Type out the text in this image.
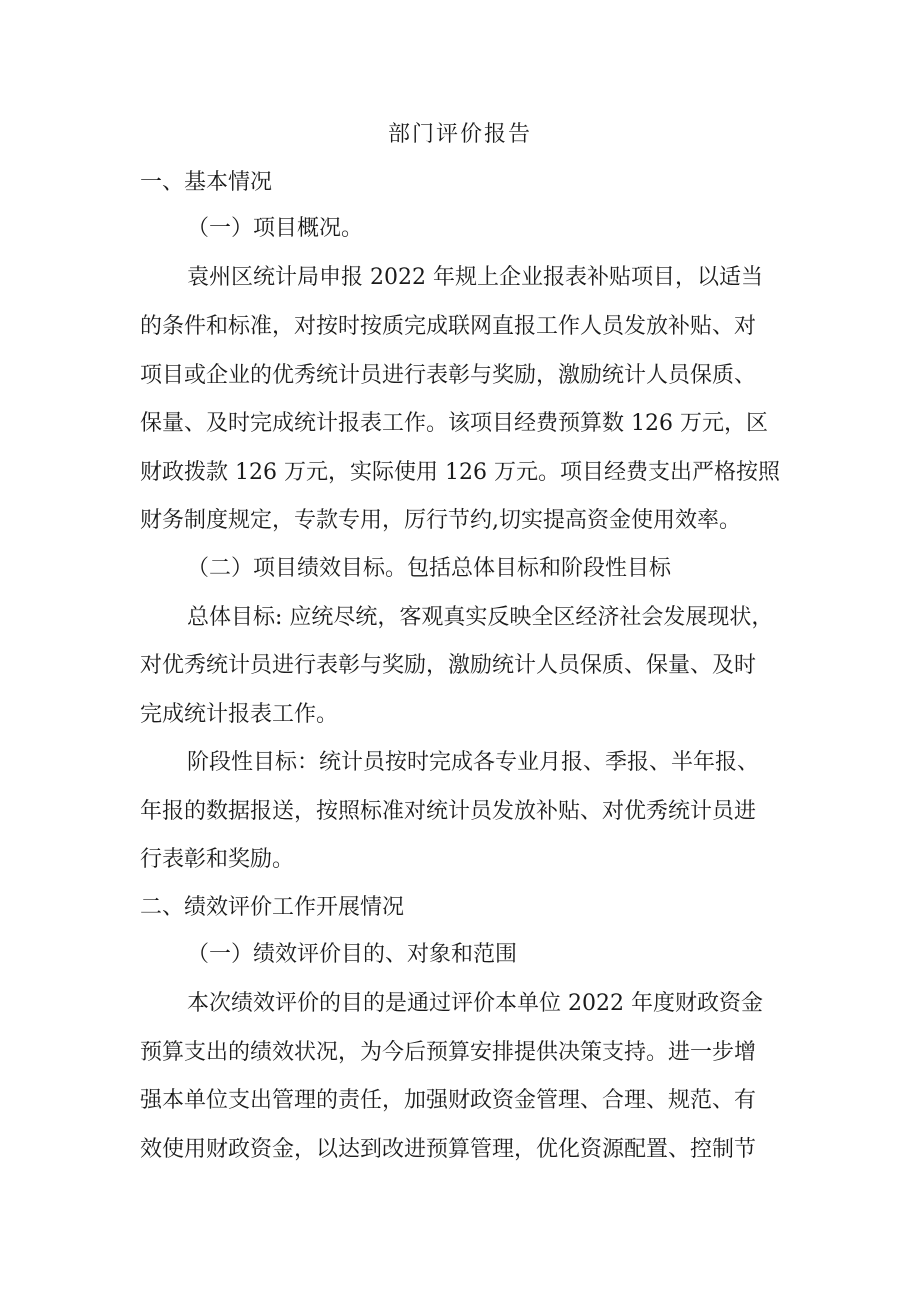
部门评价报告
一、基本情况
（一）项目概况。
袁州区统计局申报 2022 年规上企业报表补贴项目，以适当
的条件和标准，对按时按质完成联网直报工作人员发放补贴、对
项目或企业的优秀统计员进行表彰与奖励，激励统计人员保质、
保量、及时完成统计报表工作。该项目经费预算数 126 万元，区
财政拨款 126 万元，实际使用 126 万元。项目经费支出严格按照
财务制度规定，专款专用，厉行节约,切实提高资金使用效率。
（二）项目绩效目标。包括总体目标和阶段性目标
总体目标: 应统尽统，客观真实反映全区经济社会发展现状，
对优秀统计员进行表彰与奖励，激励统计人员保质、保量、及时
完成统计报表工作。
阶段性目标：统计员按时完成各专业月报、季报、半年报、
年报的数据报送，按照标准对统计员发放补贴、对优秀统计员进
行表彰和奖励。
二、绩效评价工作开展情况
（一）绩效评价目的、对象和范围
本次绩效评价的目的是通过评价本单位 2022 年度财政资金
预算支出的绩效状况，为今后预算安排提供决策支持。进一步增
强本单位支出管理的责任，加强财政资金管理、合理、规范、有
效使用财政资金，以达到改进预算管理，优化资源配置、控制节
